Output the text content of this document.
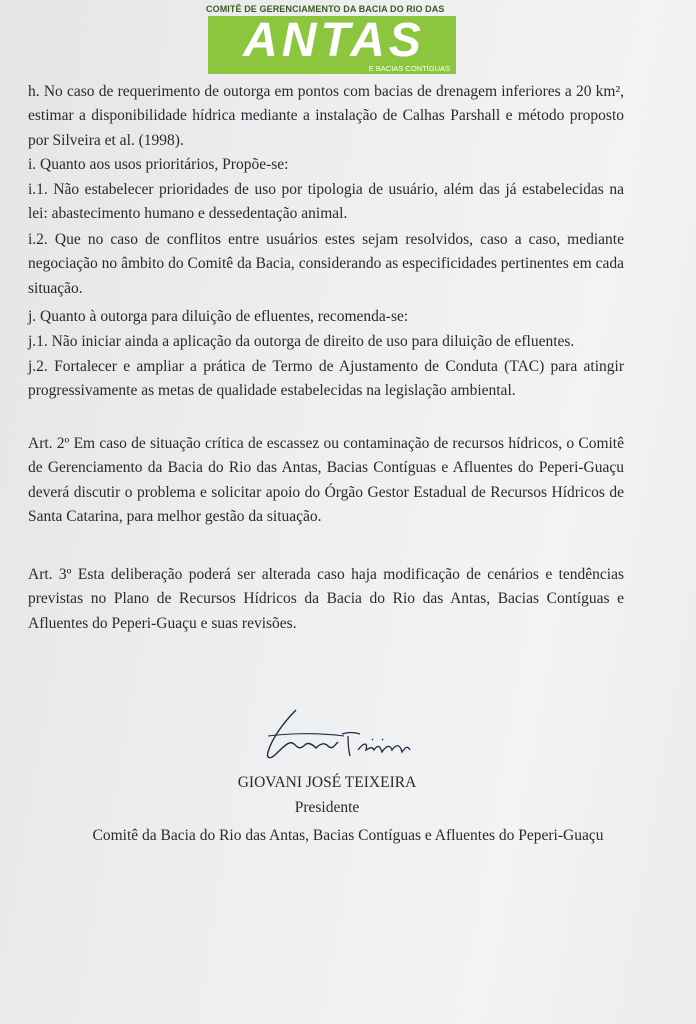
COMITÊ DE GERENCIAMENTO DA BACIA DO RIO DAS
ANTAS
E BACIAS CONTÍGUAS

h. No caso de requerimento de outorga em pontos com bacias de drenagem inferiores a 20 km², estimar a disponibilidade hídrica mediante a instalação de Calhas Parshall e método proposto por Silveira et al. (1998).

i. Quanto aos usos prioritários, Propõe-se:

i.1. Não estabelecer prioridades de uso por tipologia de usuário, além das já estabelecidas na lei: abastecimento humano e dessedentação animal.

i.2. Que no caso de conflitos entre usuários estes sejam resolvidos, caso a caso, mediante negociação no âmbito do Comitê da Bacia, considerando as especificidades pertinentes em cada situação.

j. Quanto à outorga para diluição de efluentes, recomenda-se:

j.1. Não iniciar ainda a aplicação da outorga de direito de uso para diluição de efluentes.

j.2. Fortalecer e ampliar a prática de Termo de Ajustamento de Conduta (TAC) para atingir progressivamente as metas de qualidade estabelecidas na legislação ambiental.

Art. 2º Em caso de situação crítica de escassez ou contaminação de recursos hídricos, o Comitê de Gerenciamento da Bacia do Rio das Antas, Bacias Contíguas e Afluentes do Peperi-Guaçu deverá discutir o problema e solicitar apoio do Órgão Gestor Estadual de Recursos Hídricos de Santa Catarina, para melhor gestão da situação.

Art. 3º Esta deliberação poderá ser alterada caso haja modificação de cenários e tendências previstas no Plano de Recursos Hídricos da Bacia do Rio das Antas, Bacias Contíguas e Afluentes do Peperi-Guaçu e suas revisões.

GIOVANI JOSÉ TEIXEIRA

Presidente

Comitê da Bacia do Rio das Antas, Bacias Contíguas e Afluentes do Peperi-Guaçu
